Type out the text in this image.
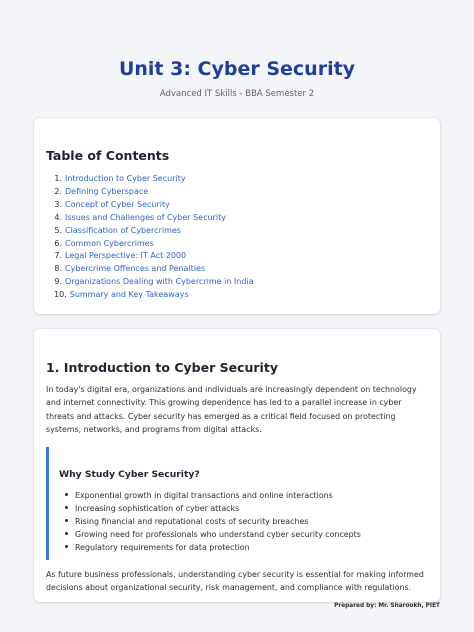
Unit 3: Cyber Security
Advanced IT Skills - BBA Semester 2
Table of Contents
1. Introduction to Cyber Security
2. Defining Cyberspace
3. Concept of Cyber Security
4. Issues and Challenges of Cyber Security
5. Classification of Cybercrimes
6. Common Cybercrimes
7. Legal Perspective: IT Act 2000
8. Cybercrime Offences and Penalties
9. Organizations Dealing with Cybercrime in India
10. Summary and Key Takeaways
1. Introduction to Cyber Security

In today's digital era, organizations and individuals are increasingly dependent on technology and internet connectivity. This growing dependence has led to a parallel increase in cyber threats and attacks. Cyber security has emerged as a critical field focused on protecting systems, networks, and programs from digital attacks.

Why Study Cyber Security?
Exponential growth in digital transactions and online interactions
Increasing sophistication of cyber attacks
Rising financial and reputational costs of security breaches
Growing need for professionals who understand cyber security concepts
Regulatory requirements for data protection

As future business professionals, understanding cyber security is essential for making informed decisions about organizational security, risk management, and compliance with regulations.

Prepared by: Mr. Sharookh, PIET
